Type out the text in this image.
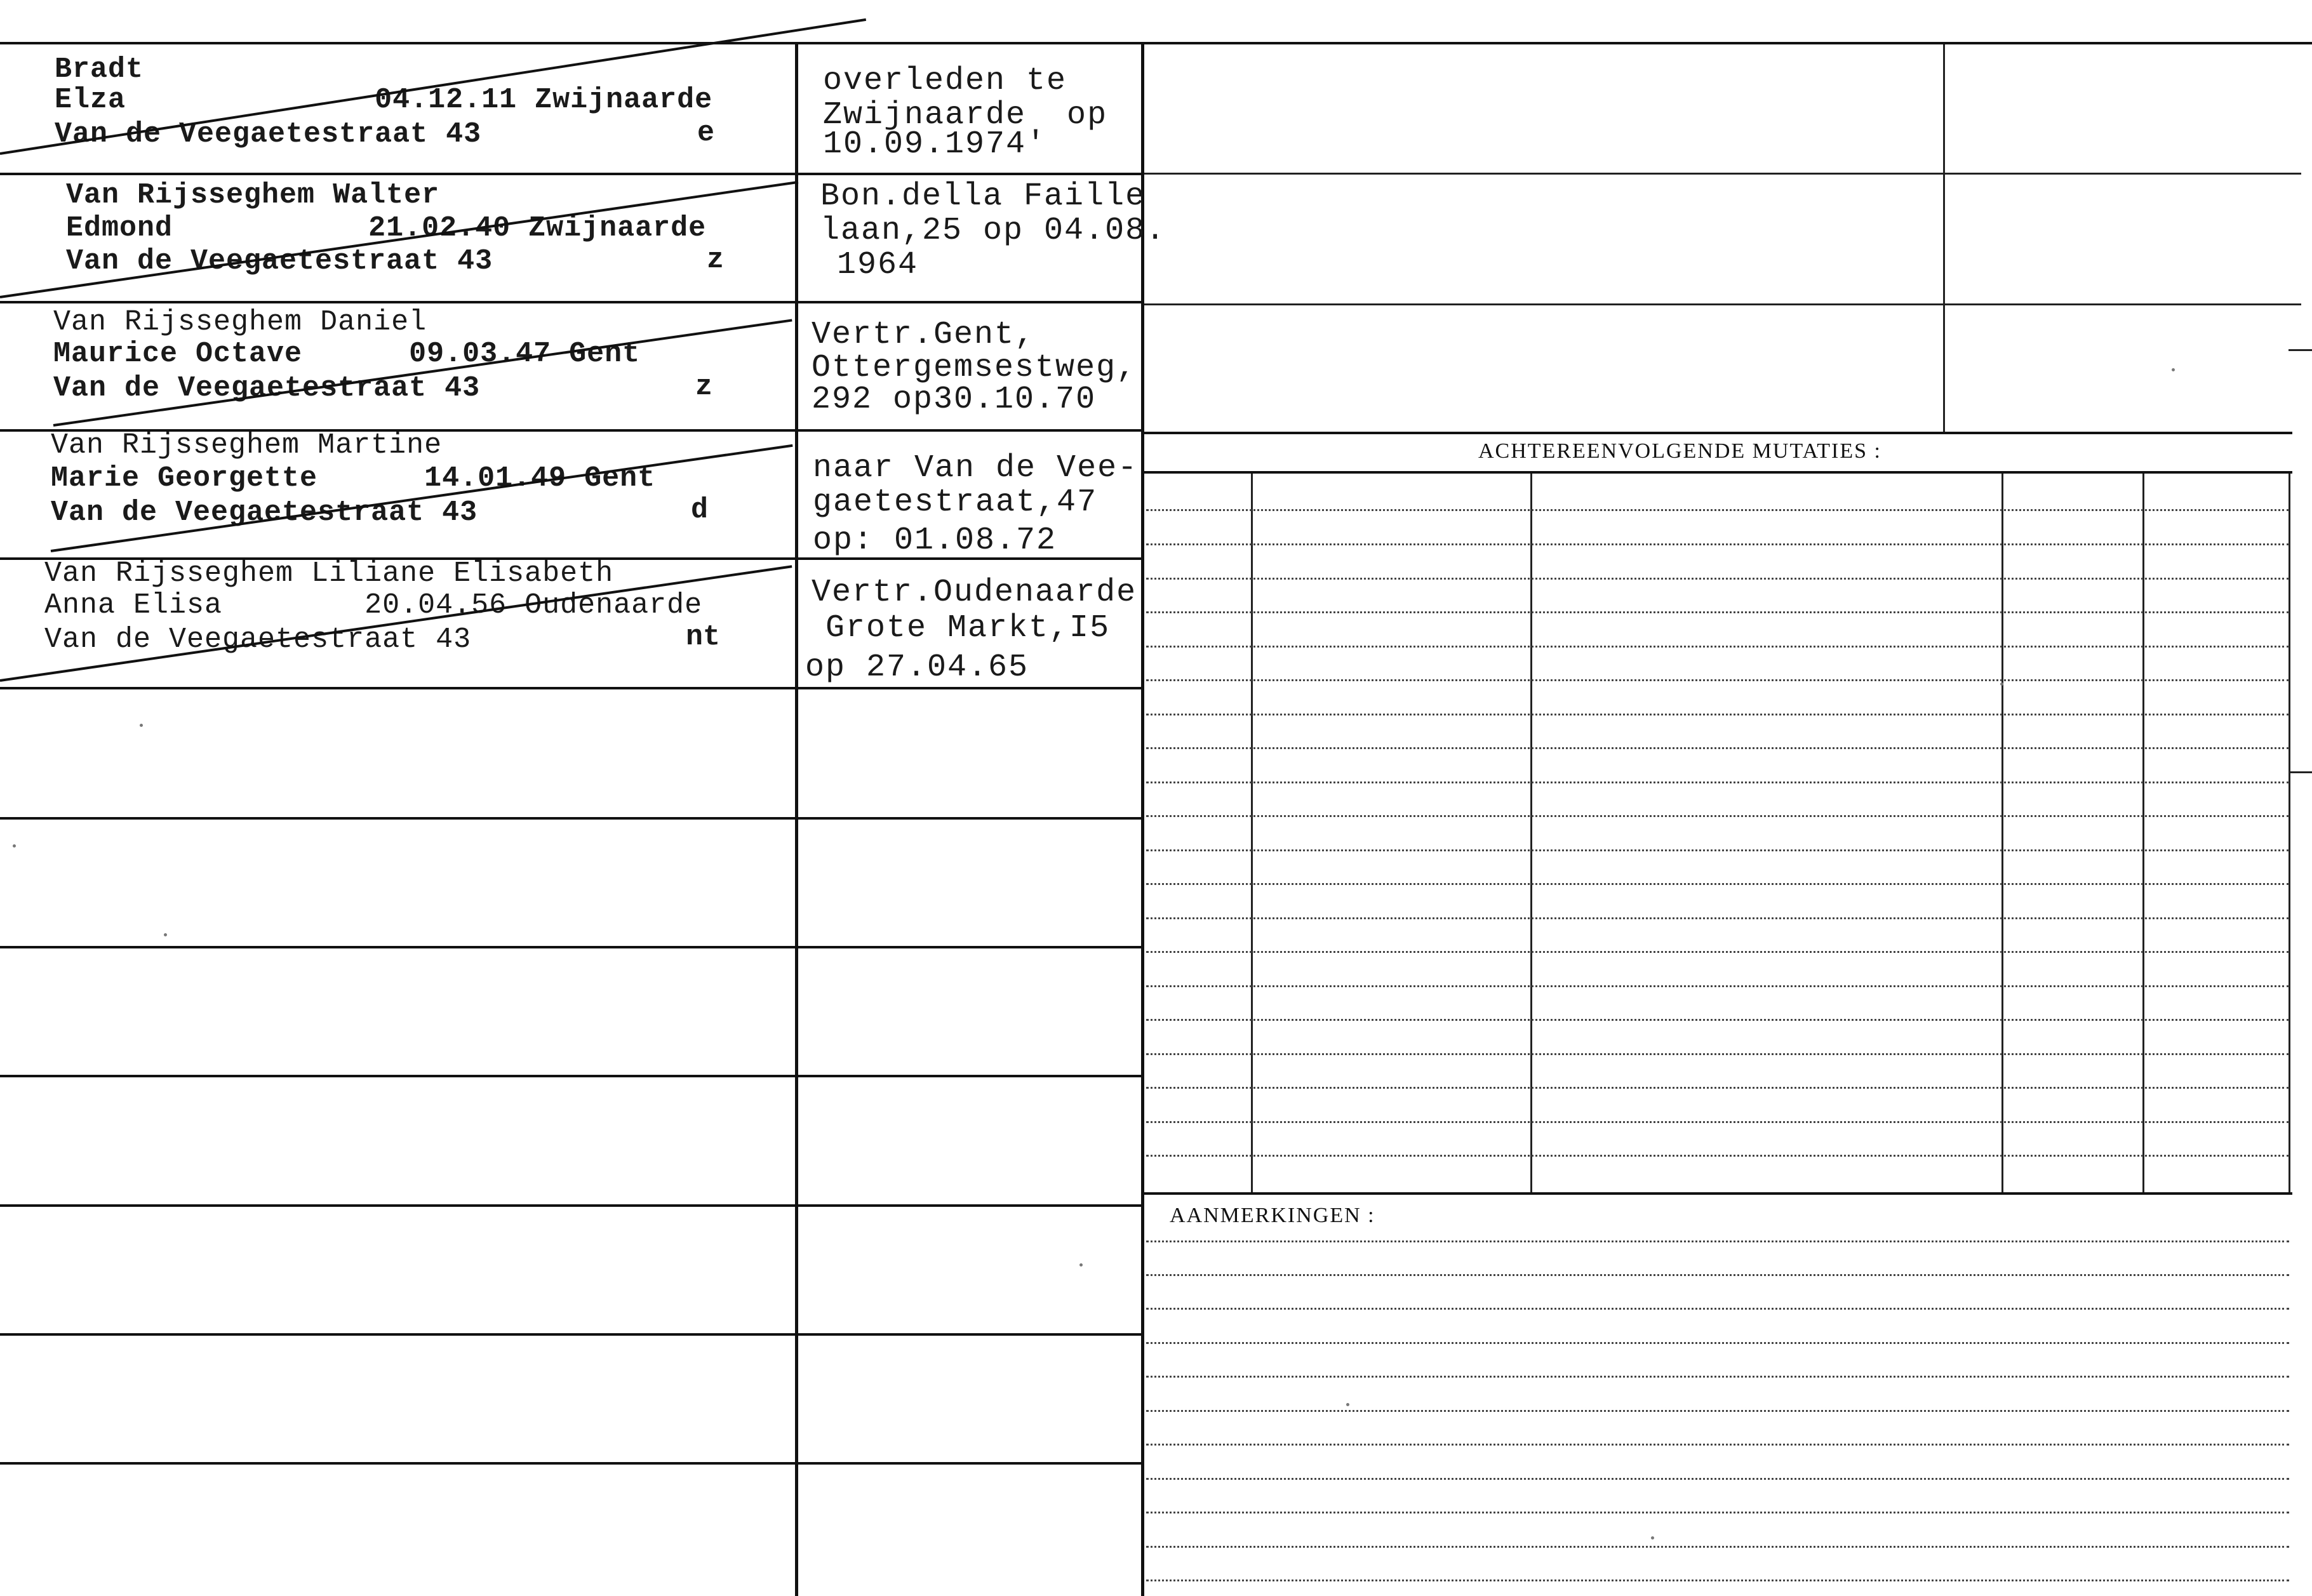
ACHTEREENVOLGENDE MUTATIES :
AANMERKINGEN :
Bradt
Elza              04.12.11 Zwijnaarde
Van de Veegaetestraat 43	e
overleden te
Zwijnaarde  op
10.09.1974'
Van Rijsseghem Walter
Edmond           21.02.40 Zwijnaarde
Van de Veegaetestraat 43	z
Bon.della Faille
laan,25 op 04.08.
1964
Van Rijsseghem Daniel
Maurice Octave      09.03.47 Gent
Van de Veegaetestraat 43	z
Vertr.Gent,
Ottergemsestweg,
292 op30.10.70
Van Rijsseghem Martine
Marie Georgette      14.01.49 Gent
Van de Veegaetestraat 43	d
naar Van de Vee-
gaetestraat,47
op: 01.08.72
Van Rijsseghem Liliane Elisabeth
Anna Elisa        20.04.56 Oudenaarde
Van de Veegaetestraat 43	nt
Vertr.Oudenaarde
Grote Markt,I5
op 27.04.65
